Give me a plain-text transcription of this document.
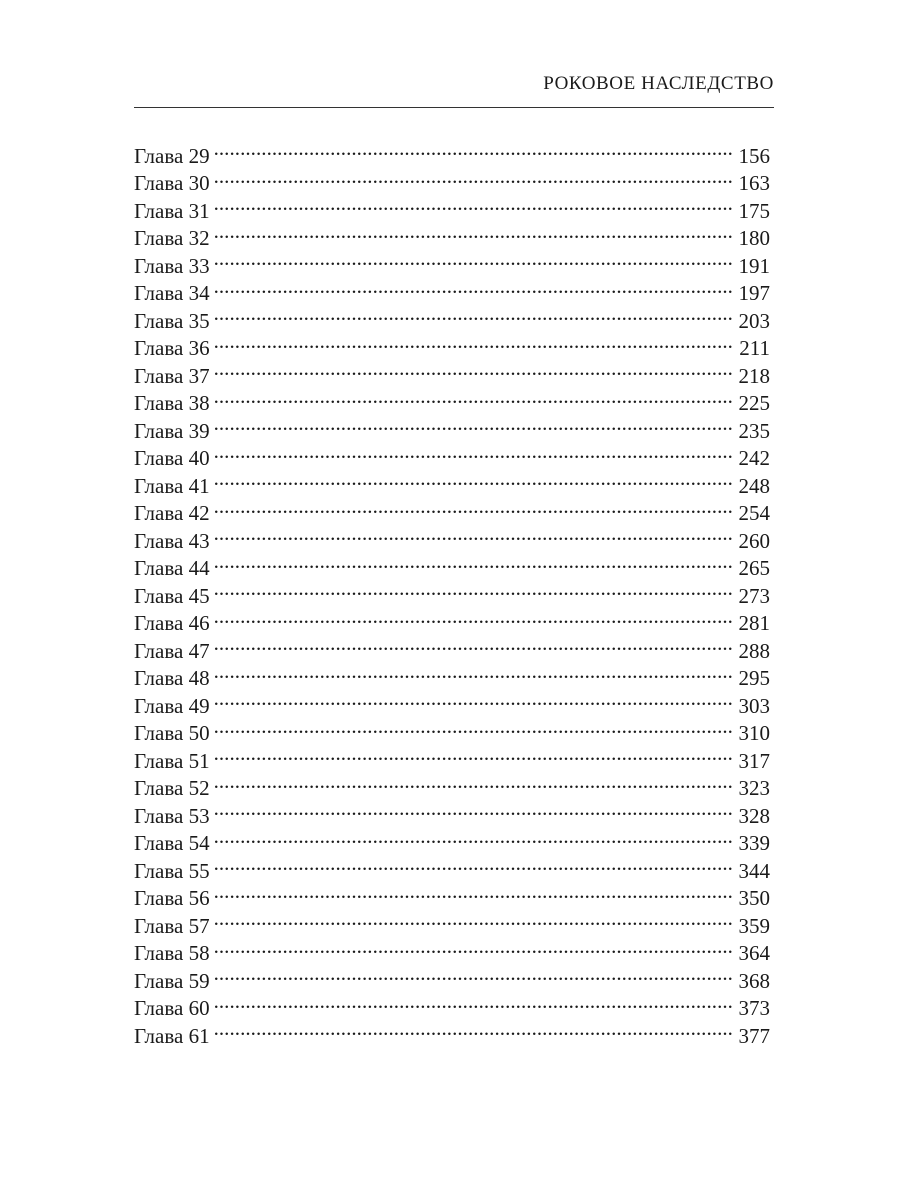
РОКОВОЕ НАСЛЕДСТВО
Глава 29 . . .	156
Глава 30 . . .	163
Глава 31 . . .	175
Глава 32 . . .	180
Глава 33 . . .	191
Глава 34 . . .	197
Глава 35 . . .	203
Глава 36 . . .	211
Глава 37 . . .	218
Глава 38 . . .	225
Глава 39 . . .	235
Глава 40 . . .	242
Глава 41 . . .	248
Глава 42 . . .	254
Глава 43 . . .	260
Глава 44 . . .	265
Глава 45 . . .	273
Глава 46 . . .	281
Глава 47 . . .	288
Глава 48 . . .	295
Глава 49 . . .	303
Глава 50 . . .	310
Глава 51 . . .	317
Глава 52 . . .	323
Глава 53 . . .	328
Глава 54 . . .	339
Глава 55 . . .	344
Глава 56 . . .	350
Глава 57 . . .	359
Глава 58 . . .	364
Глава 59 . . .	368
Глава 60 . . .	373
Глава 61 . . .	377
